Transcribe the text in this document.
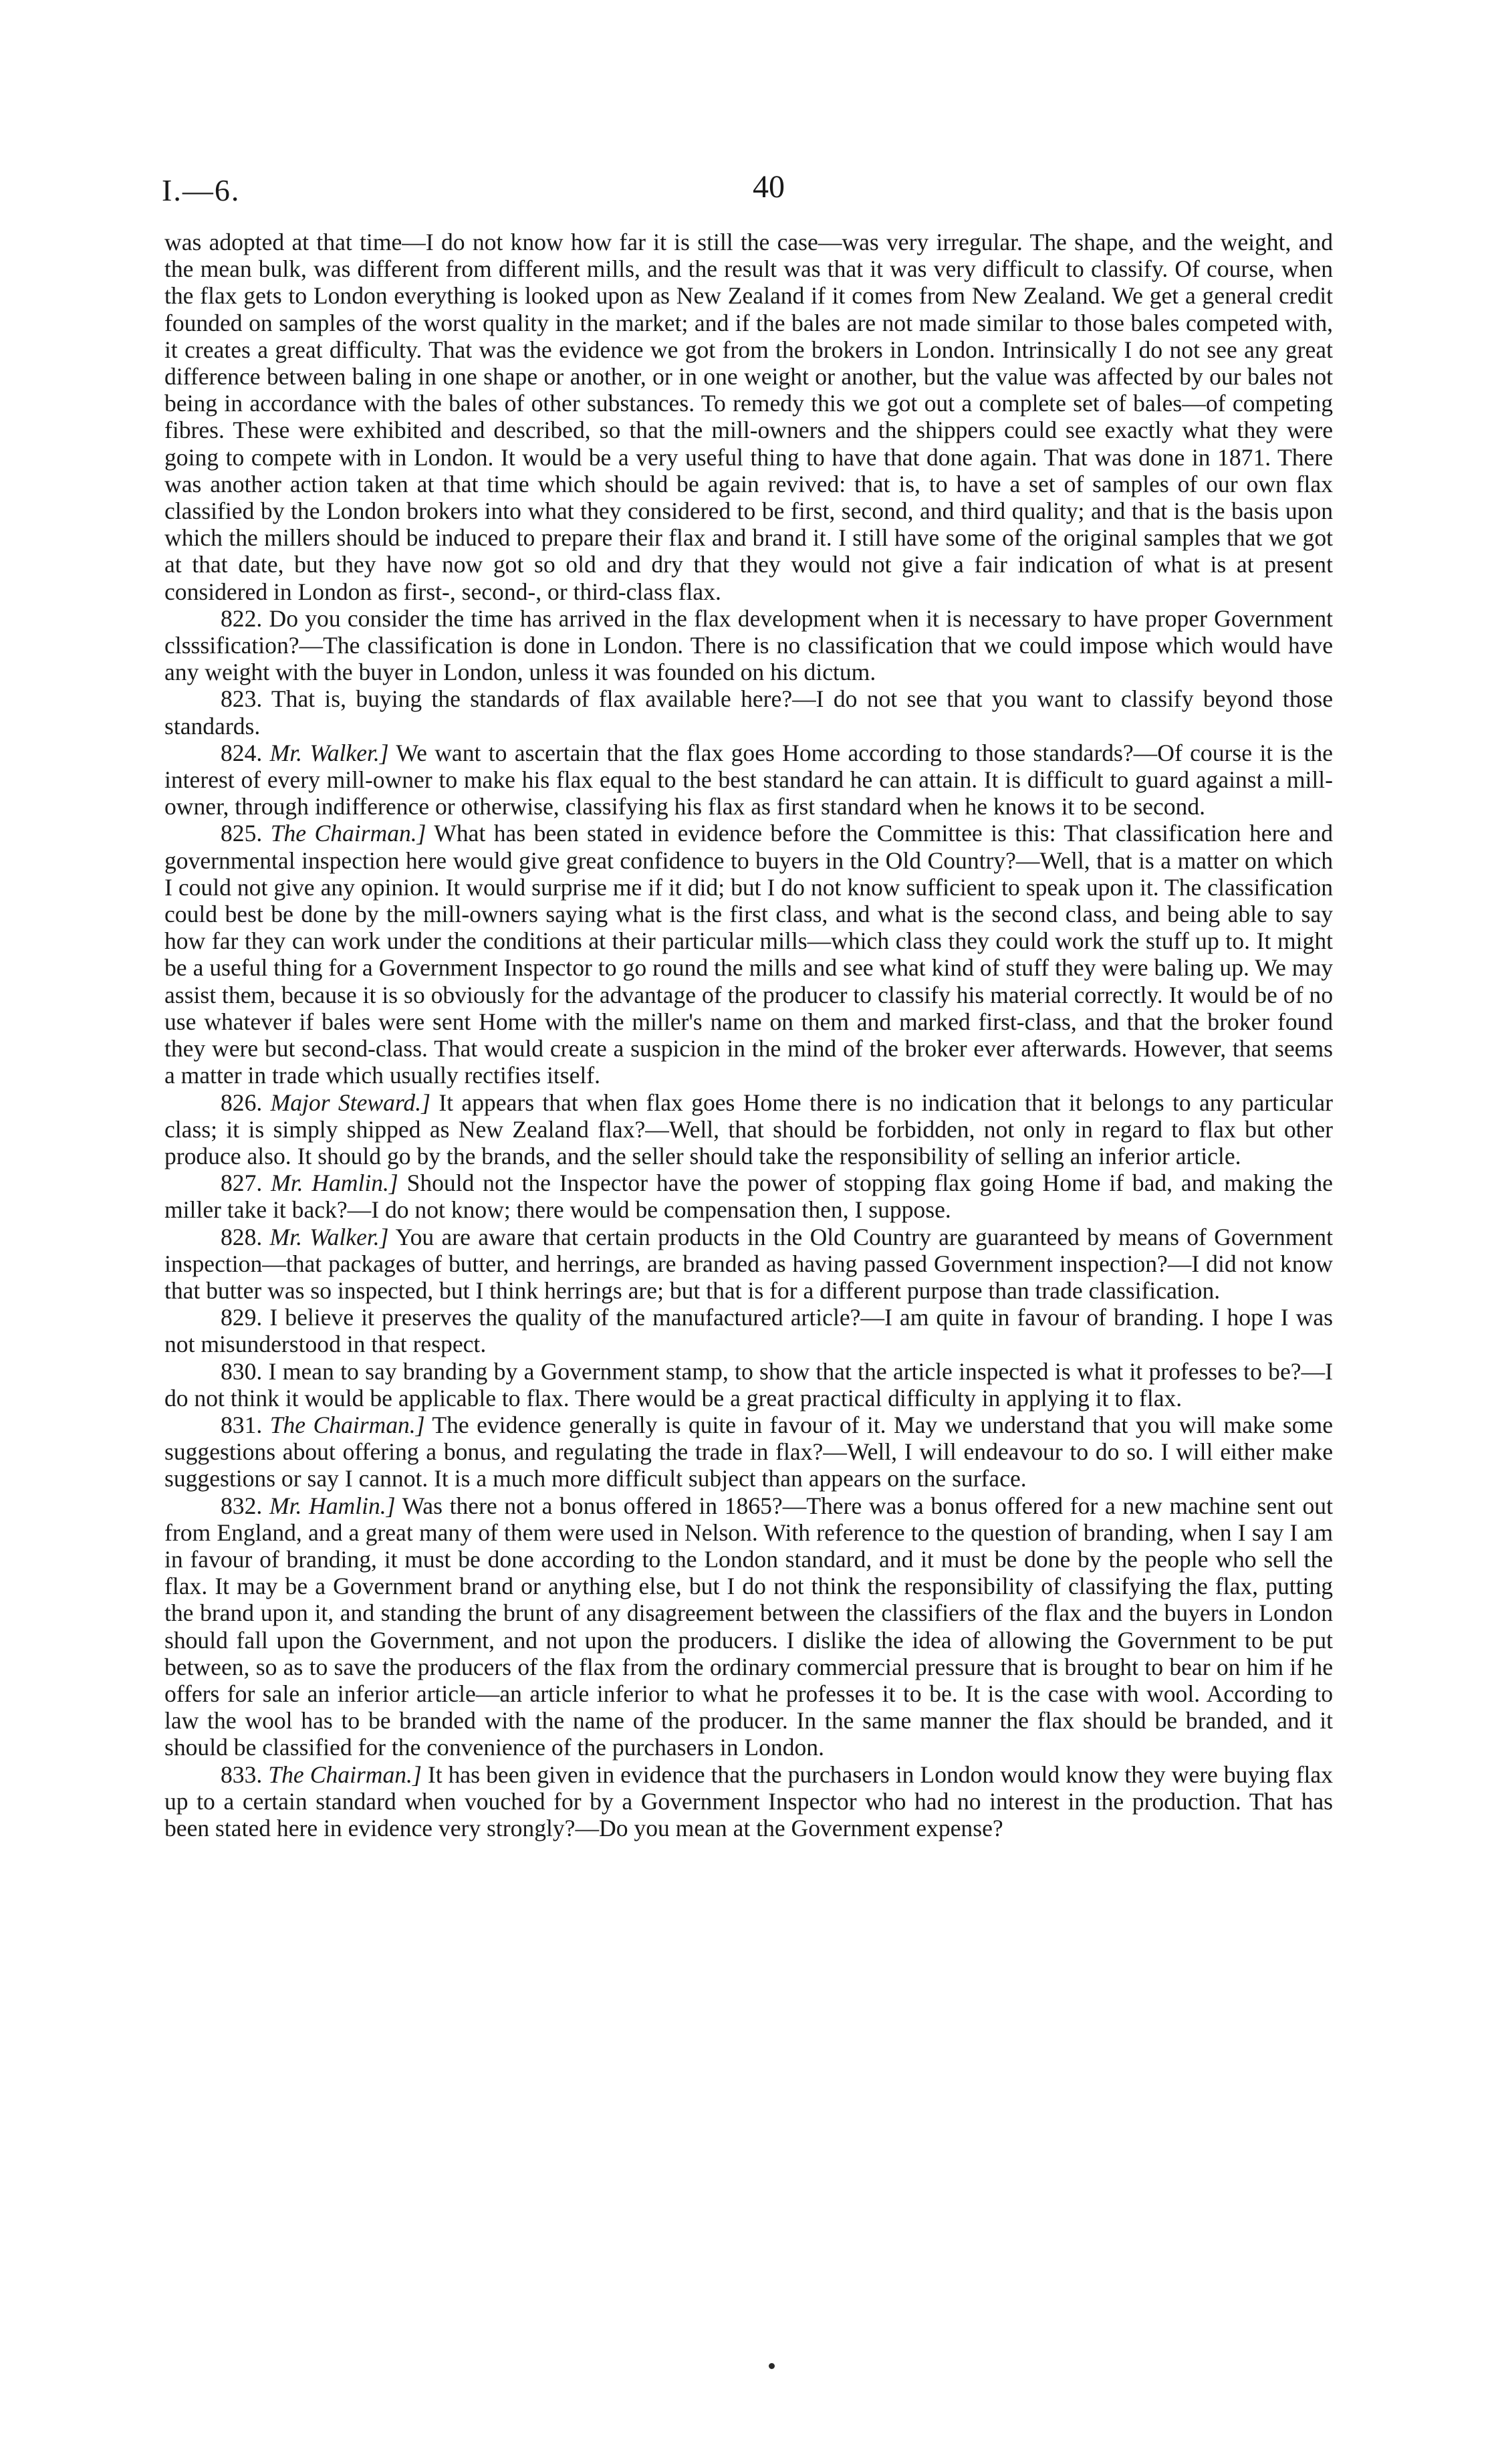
I.—6.	40

was adopted at that time—I do not know how far it is still the case—was very irregular. The shape, and the weight, and the mean bulk, was different from different mills, and the result was that it was very difficult to classify. Of course, when the flax gets to London everything is looked upon as New Zealand if it comes from New Zealand. We get a general credit founded on samples of the worst quality in the market; and if the bales are not made similar to those bales competed with, it creates a great difficulty. That was the evidence we got from the brokers in London. Intrinsically I do not see any great difference between baling in one shape or another, or in one weight or another, but the value was affected by our bales not being in accordance with the bales of other substances. To remedy this we got out a complete set of bales—of competing fibres. These were exhibited and described, so that the mill-owners and the shippers could see exactly what they were going to compete with in London. It would be a very useful thing to have that done again. That was done in 1871. There was another action taken at that time which should be again revived: that is, to have a set of samples of our own flax classified by the London brokers into what they considered to be first, second, and third quality; and that is the basis upon which the millers should be induced to prepare their flax and brand it. I still have some of the original samples that we got at that date, but they have now got so old and dry that they would not give a fair indication of what is at present considered in London as first-, second-, or third-class flax.

822. Do you consider the time has arrived in the flax development when it is necessary to have proper Government clsssification?—The classification is done in London. There is no classification that we could impose which would have any weight with the buyer in London, unless it was founded on his dictum.

823. That is, buying the standards of flax available here?—I do not see that you want to classify beyond those standards.

824. Mr. Walker.] We want to ascertain that the flax goes Home according to those standards?—Of course it is the interest of every mill-owner to make his flax equal to the best standard he can attain. It is difficult to guard against a mill-owner, through indifference or otherwise, classifying his flax as first standard when he knows it to be second.

825. The Chairman.] What has been stated in evidence before the Committee is this: That classification here and governmental inspection here would give great confidence to buyers in the Old Country?—Well, that is a matter on which I could not give any opinion. It would surprise me if it did; but I do not know sufficient to speak upon it. The classification could best be done by the mill-owners saying what is the first class, and what is the second class, and being able to say how far they can work under the conditions at their particular mills—which class they could work the stuff up to. It might be a useful thing for a Government Inspector to go round the mills and see what kind of stuff they were baling up. We may assist them, because it is so obviously for the advantage of the producer to classify his material correctly. It would be of no use whatever if bales were sent Home with the miller's name on them and marked first-class, and that the broker found they were but second-class. That would create a suspicion in the mind of the broker ever afterwards. However, that seems a matter in trade which usually rectifies itself.

826. Major Steward.] It appears that when flax goes Home there is no indication that it belongs to any particular class; it is simply shipped as New Zealand flax?—Well, that should be forbidden, not only in regard to flax but other produce also. It should go by the brands, and the seller should take the responsibility of selling an inferior article.

827. Mr. Hamlin.] Should not the Inspector have the power of stopping flax going Home if bad, and making the miller take it back?—I do not know; there would be compensation then, I suppose.

828. Mr. Walker.] You are aware that certain products in the Old Country are guaranteed by means of Government inspection—that packages of butter, and herrings, are branded as having passed Government inspection?—I did not know that butter was so inspected, but I think herrings are; but that is for a different purpose than trade classification.

829. I believe it preserves the quality of the manufactured article?—I am quite in favour of branding. I hope I was not misunderstood in that respect.

830. I mean to say branding by a Government stamp, to show that the article inspected is what it professes to be?—I do not think it would be applicable to flax. There would be a great practical difficulty in applying it to flax.

831. The Chairman.] The evidence generally is quite in favour of it. May we understand that you will make some suggestions about offering a bonus, and regulating the trade in flax?—Well, I will endeavour to do so. I will either make suggestions or say I cannot. It is a much more difficult subject than appears on the surface.

832. Mr. Hamlin.] Was there not a bonus offered in 1865?—There was a bonus offered for a new machine sent out from England, and a great many of them were used in Nelson. With reference to the question of branding, when I say I am in favour of branding, it must be done according to the London standard, and it must be done by the people who sell the flax. It may be a Government brand or anything else, but I do not think the responsibility of classifying the flax, putting the brand upon it, and standing the brunt of any disagreement between the classifiers of the flax and the buyers in London should fall upon the Government, and not upon the producers. I dislike the idea of allowing the Government to be put between, so as to save the producers of the flax from the ordinary commercial pressure that is brought to bear on him if he offers for sale an inferior article—an article inferior to what he professes it to be. It is the case with wool. According to law the wool has to be branded with the name of the producer. In the same manner the flax should be branded, and it should be classified for the convenience of the purchasers in London.

833. The Chairman.] It has been given in evidence that the purchasers in London would know they were buying flax up to a certain standard when vouched for by a Government Inspector who had no interest in the production. That has been stated here in evidence very strongly?—Do you mean at the Government expense?
